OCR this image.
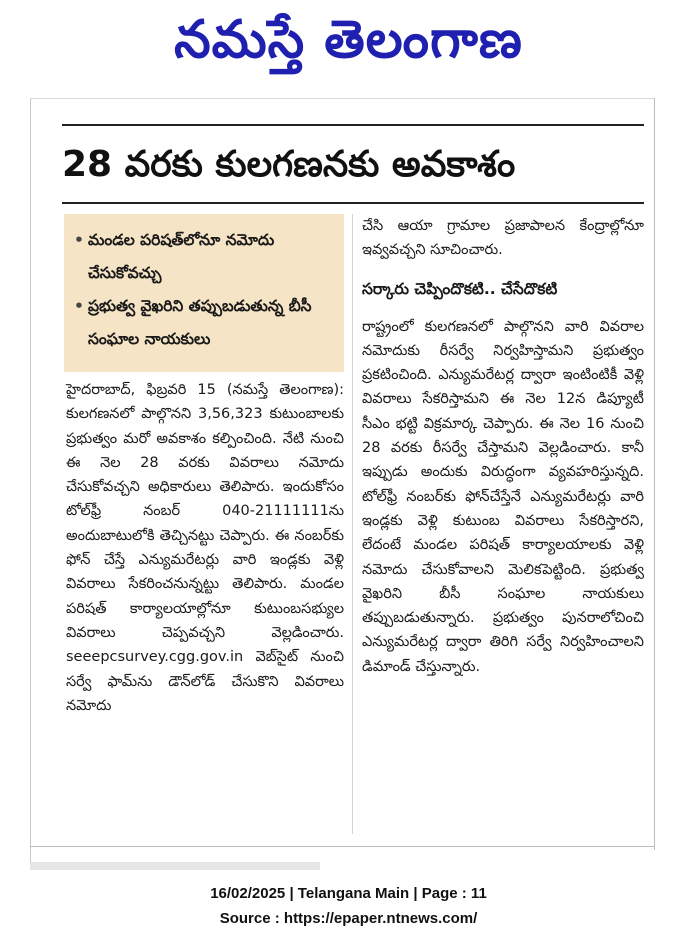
నమస్తే తెలంగాణ
28 వరకు కులగణనకు అవకాశం
• మండల పరిషత్‌లోనూ నమోదు చేసుకోవచ్చు
• ప్రభుత్వ వైఖరిని తప్పుబడుతున్న బీసీ సంఘాల నాయకులు

హైదరాబాద్, ఫిబ్రవరి 15 (నమస్తే తెలంగాణ): కులగణనలో పాల్గొనని 3,56,323 కుటుంబాలకు ప్రభుత్వం మరో అవకాశం కల్పించింది. నేటి నుంచి ఈ నెల 28 వరకు వివరాలు నమోదు చేసుకోవచ్చని అధికారులు తెలిపారు. ఇందుకోసం టోల్‌ఫ్రీ నంబర్ 040-21111111ను అందుబాటులోకి తెచ్చినట్టు చెప్పారు. ఈ నంబర్‌కు ఫోన్ చేస్తే ఎన్యుమరేటర్లు వారి ఇండ్లకు వెళ్లి వివరాలు సేకరించనున్నట్టు తెలిపారు. మండల పరిషత్ కార్యాలయాల్లోనూ కుటుంబసభ్యుల వివరాలు చెప్పవచ్చని వెల్లడించారు. seeepcsurvey.cgg.gov.in వెబ్‌సైట్ నుంచి సర్వే ఫామ్‌ను డౌన్‌లోడ్ చేసుకొని వివరాలు నమోదు

చేసి ఆయా గ్రామాల ప్రజాపాలన కేంద్రాల్లోనూ ఇవ్వవచ్చని సూచించారు.

సర్కారు చెప్పిందొకటి.. చేసేదొకటి

రాష్ట్రంలో కులగణనలో పాల్గొనని వారి వివరాల నమోదుకు రీసర్వే నిర్వహిస్తామని ప్రభుత్వం ప్రకటించింది. ఎన్యుమరేటర్ల ద్వారా ఇంటింటికీ వెళ్లి వివరాలు సేకరిస్తామని ఈ నెల 12న డిప్యూటీ సీఎం భట్టి విక్రమార్క చెప్పారు. ఈ నెల 16 నుంచి 28 వరకు రీసర్వే చేస్తామని వెల్లడించారు. కానీ ఇప్పుడు అందుకు విరుద్ధంగా వ్యవహరిస్తున్నది. టోల్‌ఫ్రీ నంబర్‌కు ఫోన్‌చేస్తేనే ఎన్యుమరేటర్లు వారి ఇండ్లకు వెళ్లి కుటుంబ వివరాలు సేకరిస్తారని, లేదంటే మండల పరిషత్ కార్యాలయాలకు వెళ్లి నమోదు చేసుకోవాలని మెలికపెట్టింది. ప్రభుత్వ వైఖరిని బీసీ సంఘాల నాయకులు తప్పుబడుతున్నారు. ప్రభుత్వం పునరాలోచించి ఎన్యుమరేటర్ల ద్వారా తిరిగి సర్వే నిర్వహించాలని డిమాండ్ చేస్తున్నారు.

16/02/2025 | Telangana Main | Page : 11
Source : https://epaper.ntnews.com/
